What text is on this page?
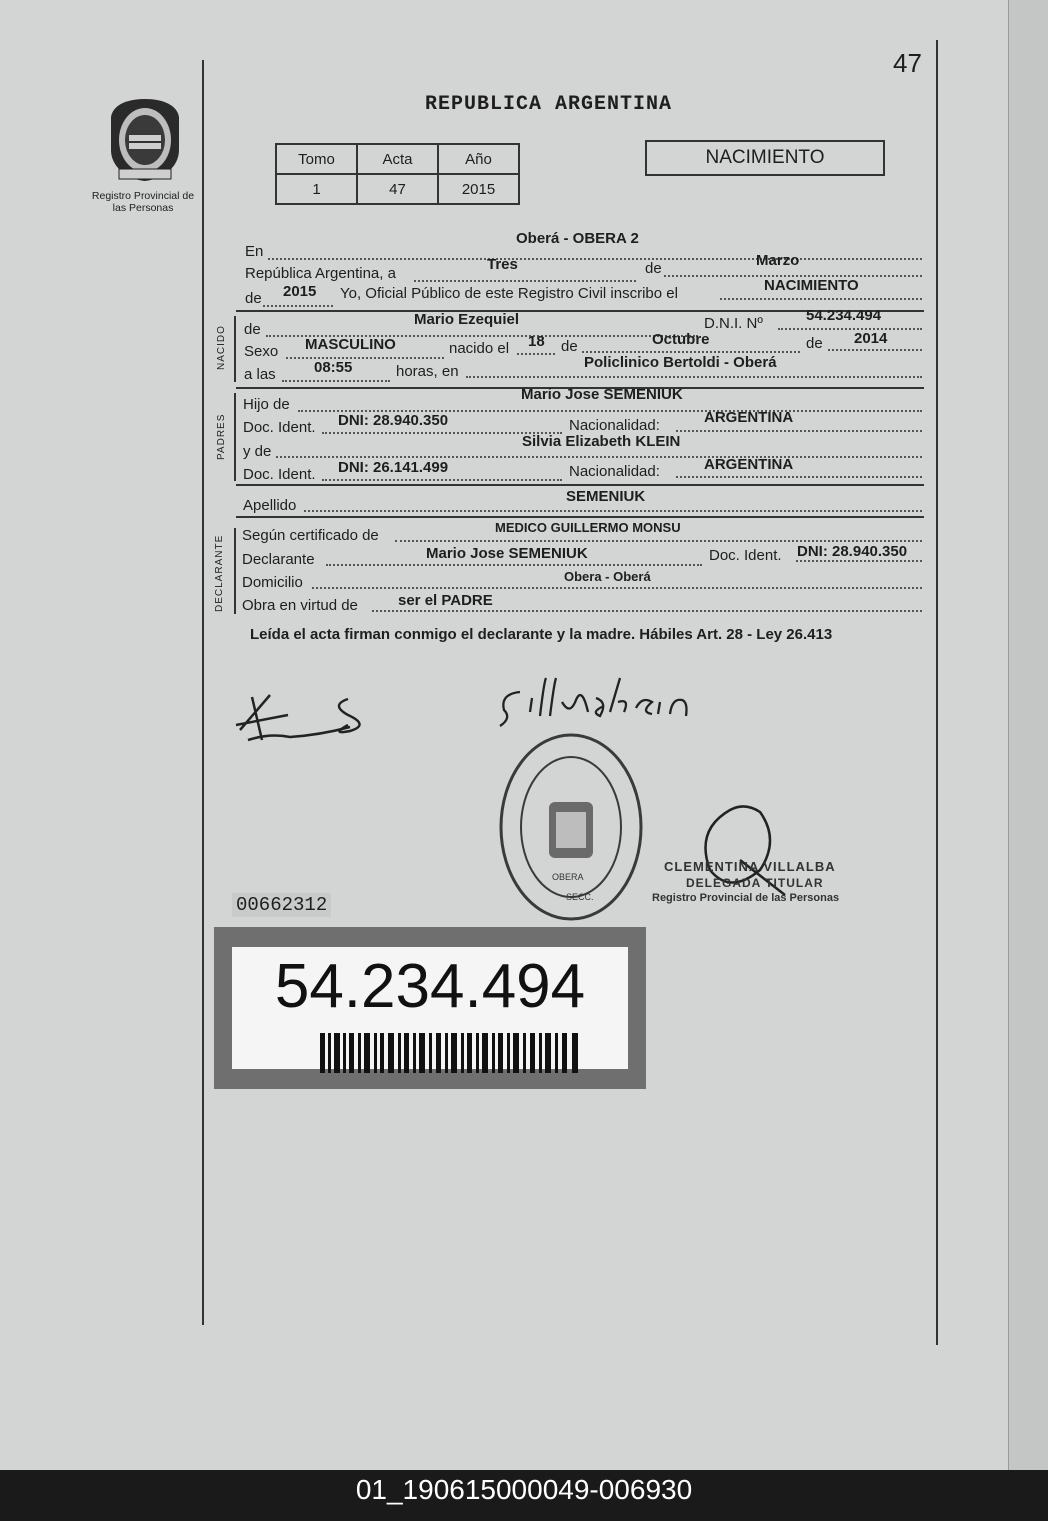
47
Registro Provincial de las Personas
REPUBLICA ARGENTINA
Tomo	Acta	Año
1	47	2015
NACIMIENTO
En
Oberá - OBERA 2
República Argentina, a
Tres	de	Marzo
de 2015 Yo, Oficial Público de este Registro Civil inscribo el	NACIMIENTO
NACIDO de
Mario Ezequiel	D.N.I. Nº	54.234.494
Sexo MASCULINO	nacido el 18 de	Octubre	de 2014
a las	08:55	horas, en
Policlinico Bertoldi - Oberá
PADRES
Hijo de
Mario Jose SEMENIUK
Doc. Ident. DNI: 28.940.350	Nacionalidad:	ARGENTINA
y de
Silvia Elizabeth KLEIN
Doc. Ident. DNI: 26.141.499	Nacionalidad:	ARGENTINA
Apellido
SEMENIUK
DECLARANTE Según certificado de	MEDICO GUILLERMO MONSU
Declarante	Mario Jose SEMENIUK	Doc. Ident. DNI: 28.940.350
Domicilio	Obera - Oberá
Obra en virtud de	ser el PADRE
Leída el acta firman conmigo el declarante y la madre. Hábiles Art. 28 - Ley 26.413
OBERA
SECC.
CLEMENTINA VILLALBA
DELEGADA TITULAR
Registro Provincial de las Personas
00662312
54.234.494
01_190615000049-006930
